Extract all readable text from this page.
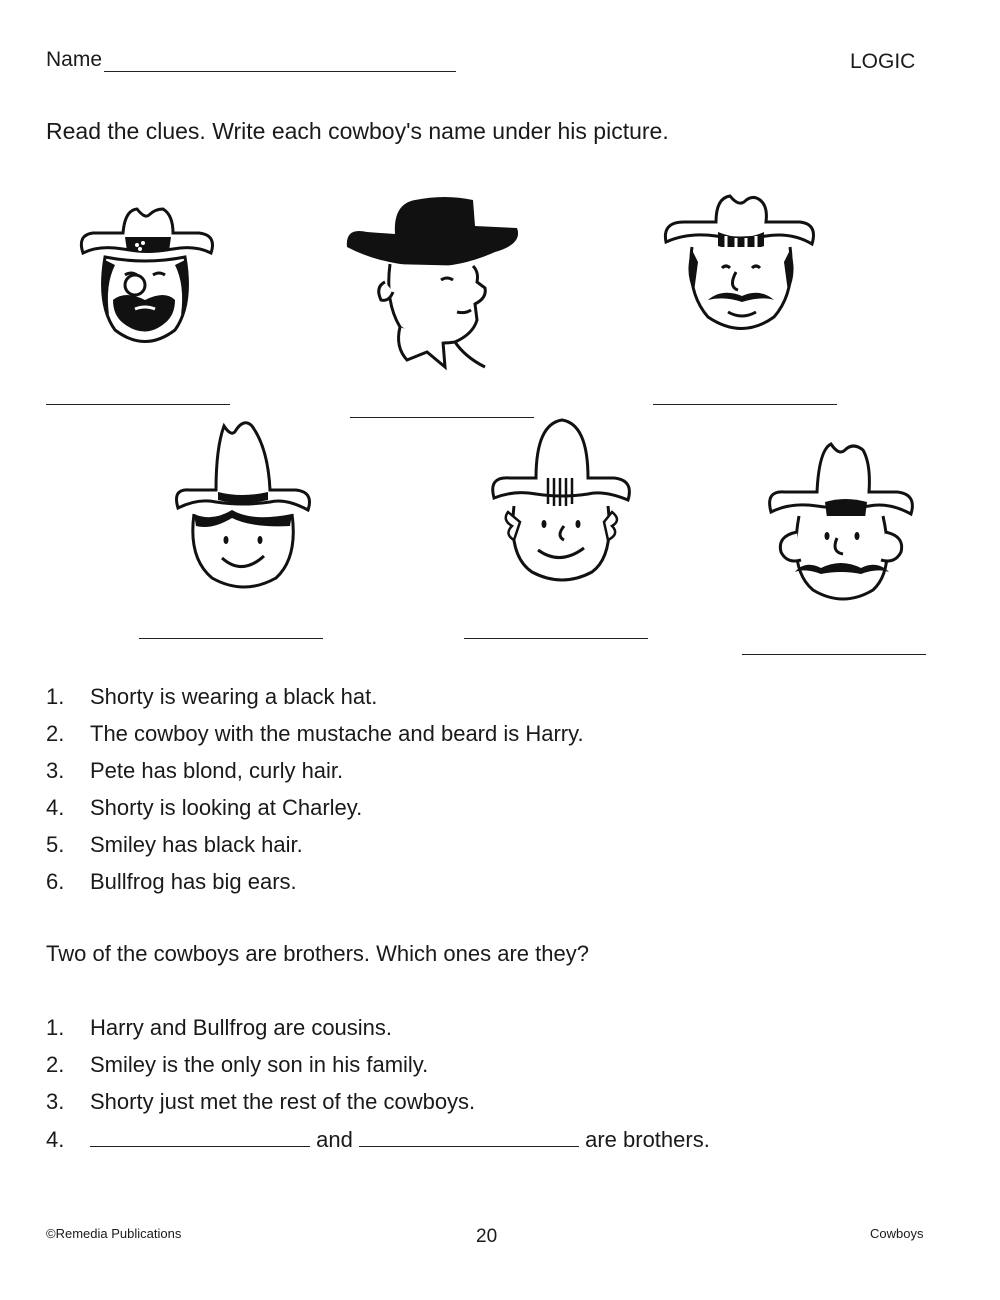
Name	LOGIC
Read the clues. Write each cowboy's name under his picture.
1. Shorty is wearing a black hat.
2. The cowboy with the mustache and beard is Harry.
3. Pete has blond, curly hair.
4. Shorty is looking at Charley.
5. Smiley has black hair.
6. Bullfrog has big ears.
Two of the cowboys are brothers. Which ones are they?
1. Harry and Bullfrog are cousins.
2. Smiley is the only son in his family.
3. Shorty just met the rest of the cowboys.
4.	and	are brothers.
©Remedia Publications	20	Cowboys
